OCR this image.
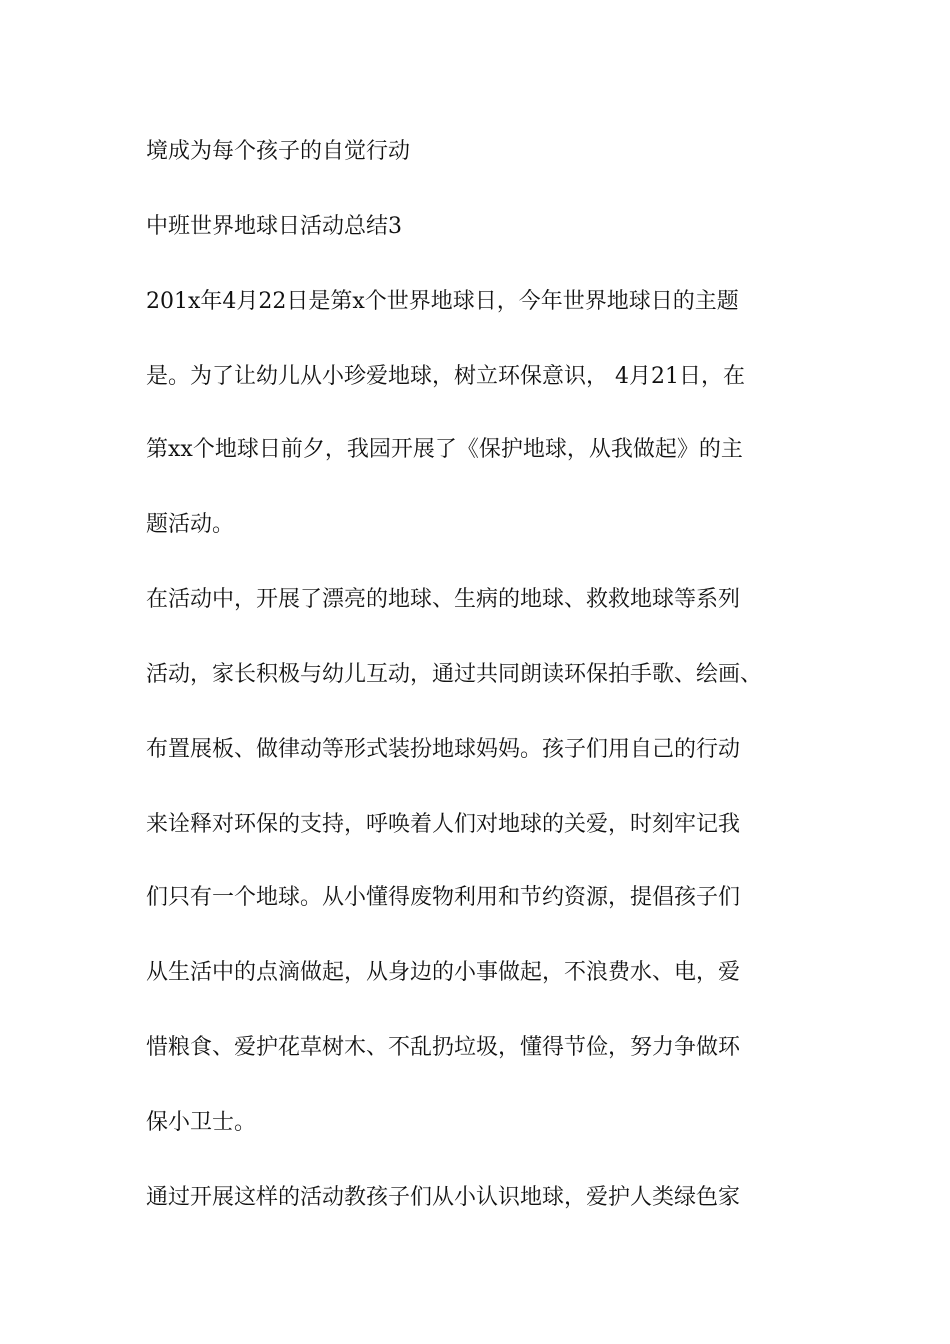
境成为每个孩子的自觉行动

中班世界地球日活动总结3

201x年4月22日是第x个世界地球日，今年世界地球日的主题

是。为了让幼儿从小珍爱地球，树立环保意识， 4月21日，在

第xx个地球日前夕，我园开展了《保护地球，从我做起》的主

题活动。

在活动中，开展了漂亮的地球、生病的地球、救救地球等系列

活动，家长积极与幼儿互动，通过共同朗读环保拍手歌、绘画、

布置展板、做律动等形式装扮地球妈妈。孩子们用自己的行动

来诠释对环保的支持，呼唤着人们对地球的关爱，时刻牢记我

们只有一个地球。从小懂得废物利用和节约资源，提倡孩子们

从生活中的点滴做起，从身边的小事做起，不浪费水、电，爱

惜粮食、爱护花草树木、不乱扔垃圾，懂得节俭，努力争做环

保小卫士。

通过开展这样的活动教孩子们从小认识地球，爱护人类绿色家
